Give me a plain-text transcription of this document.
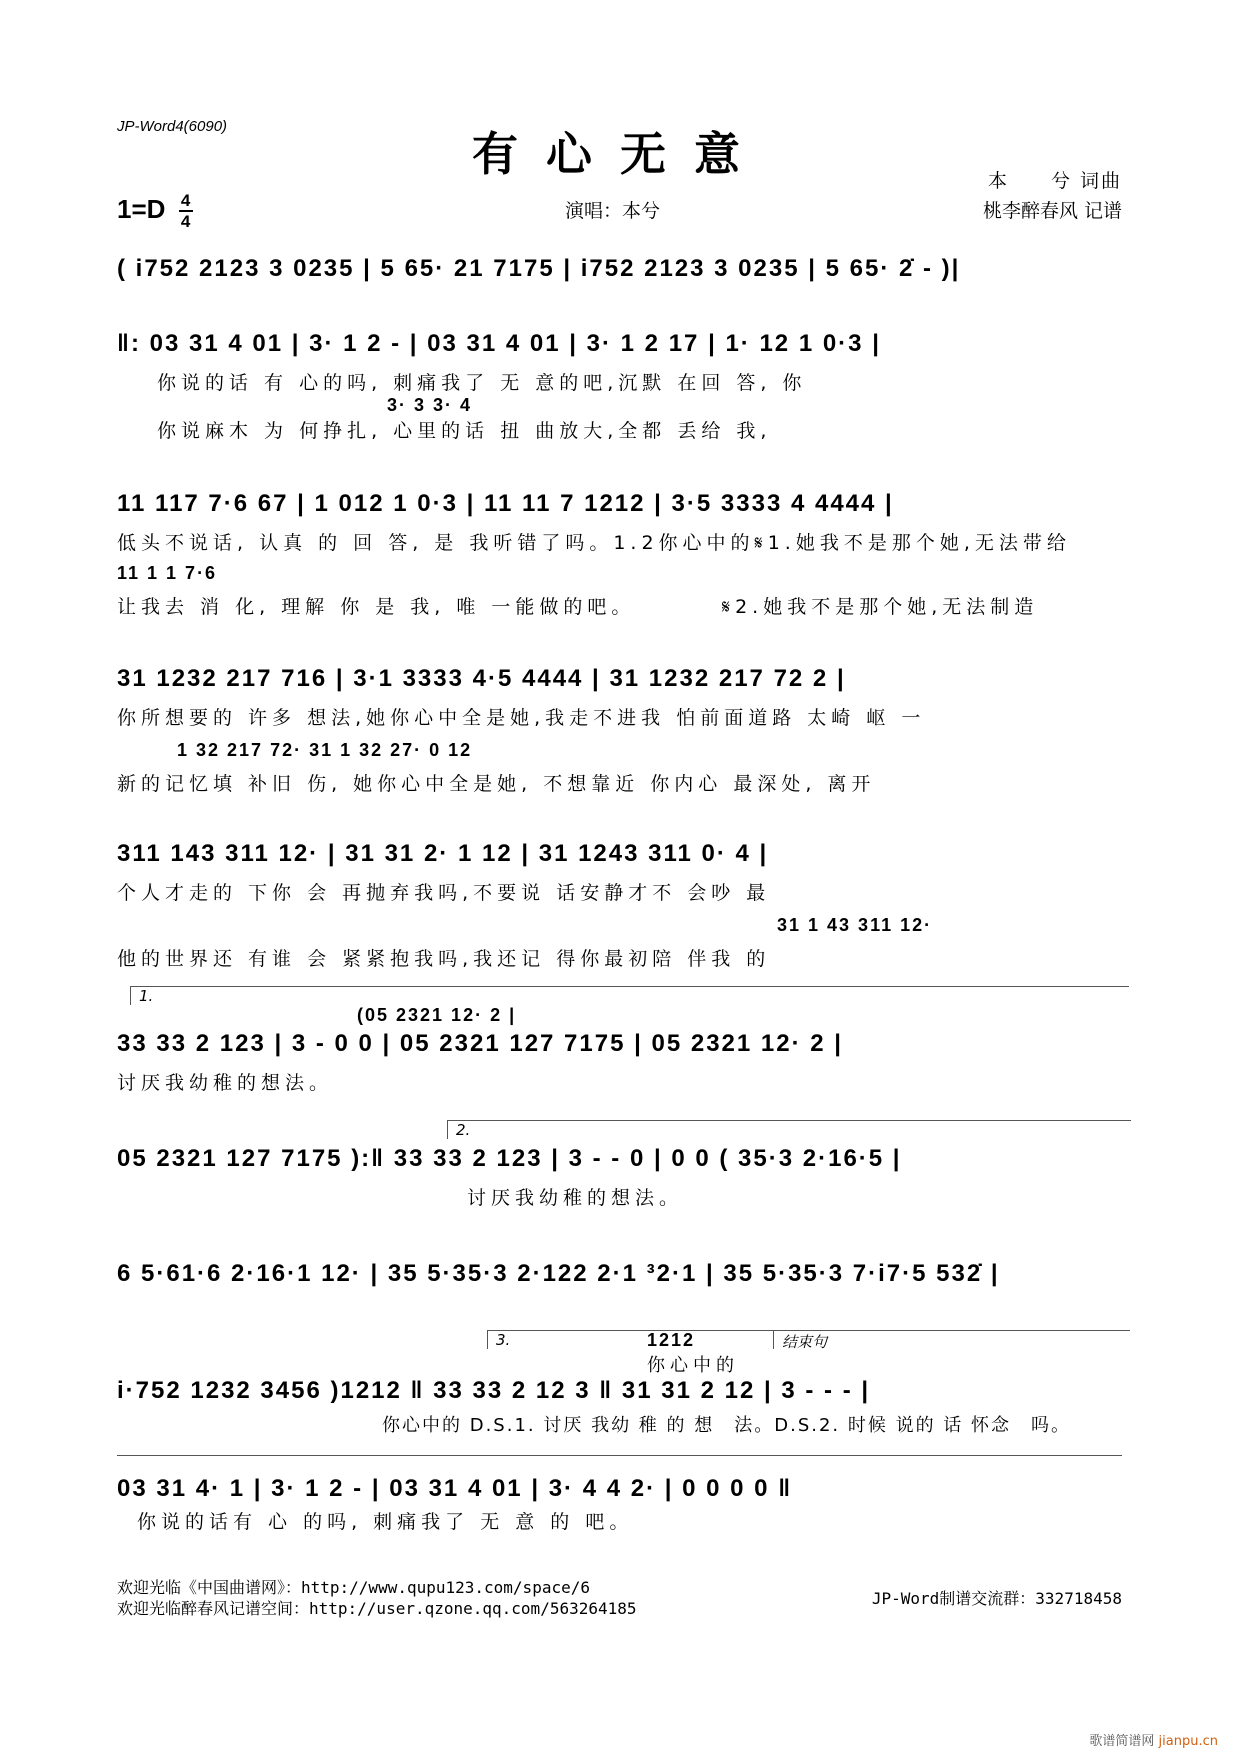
JP-Word4(6090)
有心无意
$1=D \frac{4}{4}$	演唱：本兮
本　　兮 词曲
桃李醉春风 记谱
( i752 2123 3 0235 | 5 65· 21 7175 | i752 2123 3 0235 | 5 65· 2̇ - )|
‖: 03 31 4 01 | 3· 1 2 - | 03 31 4 01 | 3· 1 2 17 | 1· 12 1 0·3 |
你说的话 有 心的吗, 刺痛我了 无 意的吧,沉默 在回 答, 你
3· 3 3· 4
你说麻木 为 何挣扎, 心里的话 扭 曲放大,全都 丢给 我,
11 117 7·6 67 | 1 012 1 0·3 | 11 11 7 1212 | 3·5 3333 4 4444 |
低头不说话, 认真 的 回 答, 是 我听错了吗。1.2你心中的𝄋1.她我不是那个她,无法带给
11 1 1 7·6
让我去 消 化, 理解 你 是 我, 唯 一能做的吧。　　　　𝄋2.她我不是那个她,无法制造
31 1232 217 716 | 3·1 3333 4·5 4444 | 31 1232 217 72 2 |
你所想要的 许多 想法,她你心中全是她,我走不进我 怕前面道路 太崎 岖 一
1 32 217 72· 31 1 32 27· 0 12
新的记忆填 补旧 伤, 她你心中全是她, 不想靠近 你内心 最深处, 离开
311 143 311 12· | 31 31 2· 1 12 | 31 1243 311 0· 4 |
个人才走的 下你 会 再抛弃我吗,不要说 话安静才不 会吵 最
31 1 43 311 12·
他的世界还 有谁 会 紧紧抱我吗,我还记 得你最初陪 伴我 的
1.
(05 2321 12· 2 |
33 33 2 123 | 3 - 0 0 | 05 2321 127 7175 | 05 2321 12· 2 |
讨厌我幼稚的想法。
2.
05 2321 127 7175 ):‖ 33 33 2 123 | 3 - - 0 | 0 0 ( 35·3 2·16·5 |
讨厌我幼稚的想法。
6 5·61·6 2·16·1 12· | 35 5·35·3 2·122 2·1 ³2·1 | 35 5·35·3 7·i7·5 532̇ |
3.	结束句
1212
你心中的
i·752 1232 3456 )1212 ‖ 33 33 2 12 3 ‖ 31 31 2 12 | 3 - - - |
你心中的 D.S.1. 讨厌 我幼 稚 的 想　法。D.S.2. 时候 说的 话 怀念　吗。
03 31 4· 1 | 3· 1 2 - | 03 31 4 01 | 3· 4 4 2· | 0 0 0 0 ‖
你说的话有 心 的吗, 刺痛我了 无 意 的 吧。
欢迎光临《中国曲谱网》：http://www.qupu123.com/space/6
欢迎光临醉春风记谱空间：http://user.qzone.qq.com/563264185
JP-Word制谱交流群：332718458
歌谱简谱网 jianpu.cn
